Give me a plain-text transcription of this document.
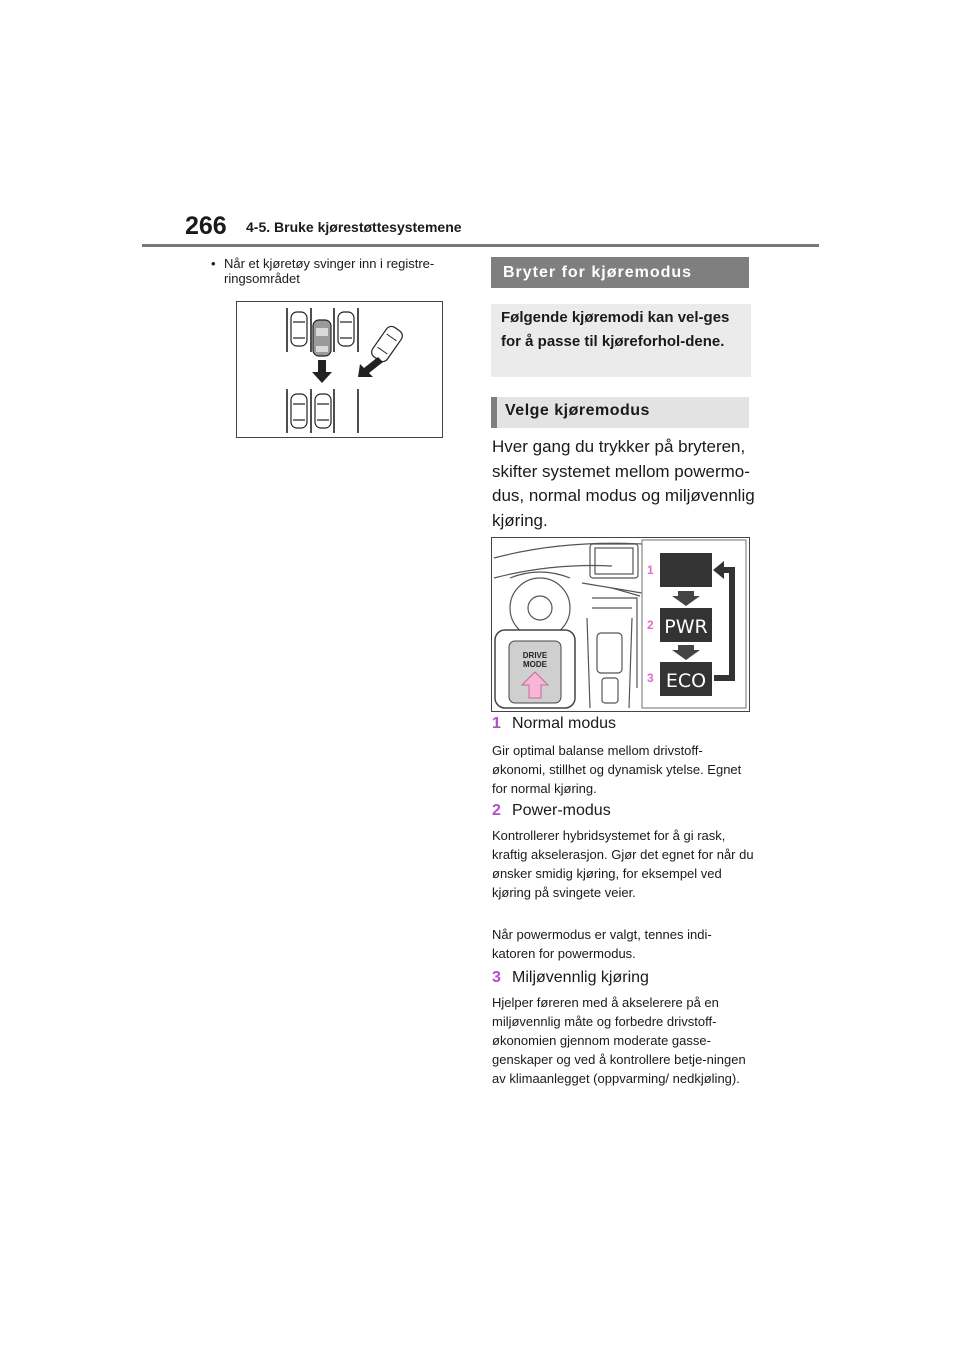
266 4-5. Bruke kjørestøttesystemene
• Når et kjøretøy svinger inn i registre-ringsområdet	Bryter for kjøremodus
Følgende kjøremodi kan vel-ges for å passe til kjøreforhol-dene.
Velge kjøremodus
Hver gang du trykker på bryteren, skifter systemet mellom powermo-dus, normal modus og miljøvennlig kjøring.
DRIVE
MODE
1
2
3
PWR
ECO
1 Normal modus
Gir optimal balanse mellom drivstoff-økonomi, stillhet og dynamisk ytelse. Egnet for normal kjøring.
2 Power-modus
Kontrollerer hybridsystemet for å gi rask, kraftig akselerasjon. Gjør det egnet for når du ønsker smidig kjøring, for eksempel ved kjøring på svingete veier.
Når powermodus er valgt, tennes indi-katoren for powermodus.
3 Miljøvennlig kjøring
Hjelper føreren med å akselerere på en miljøvennlig måte og forbedre drivstoff-økonomien gjennom moderate gasse-genskaper og ved å kontrollere betje-ningen av klimaanlegget (oppvarming/ nedkjøling).
